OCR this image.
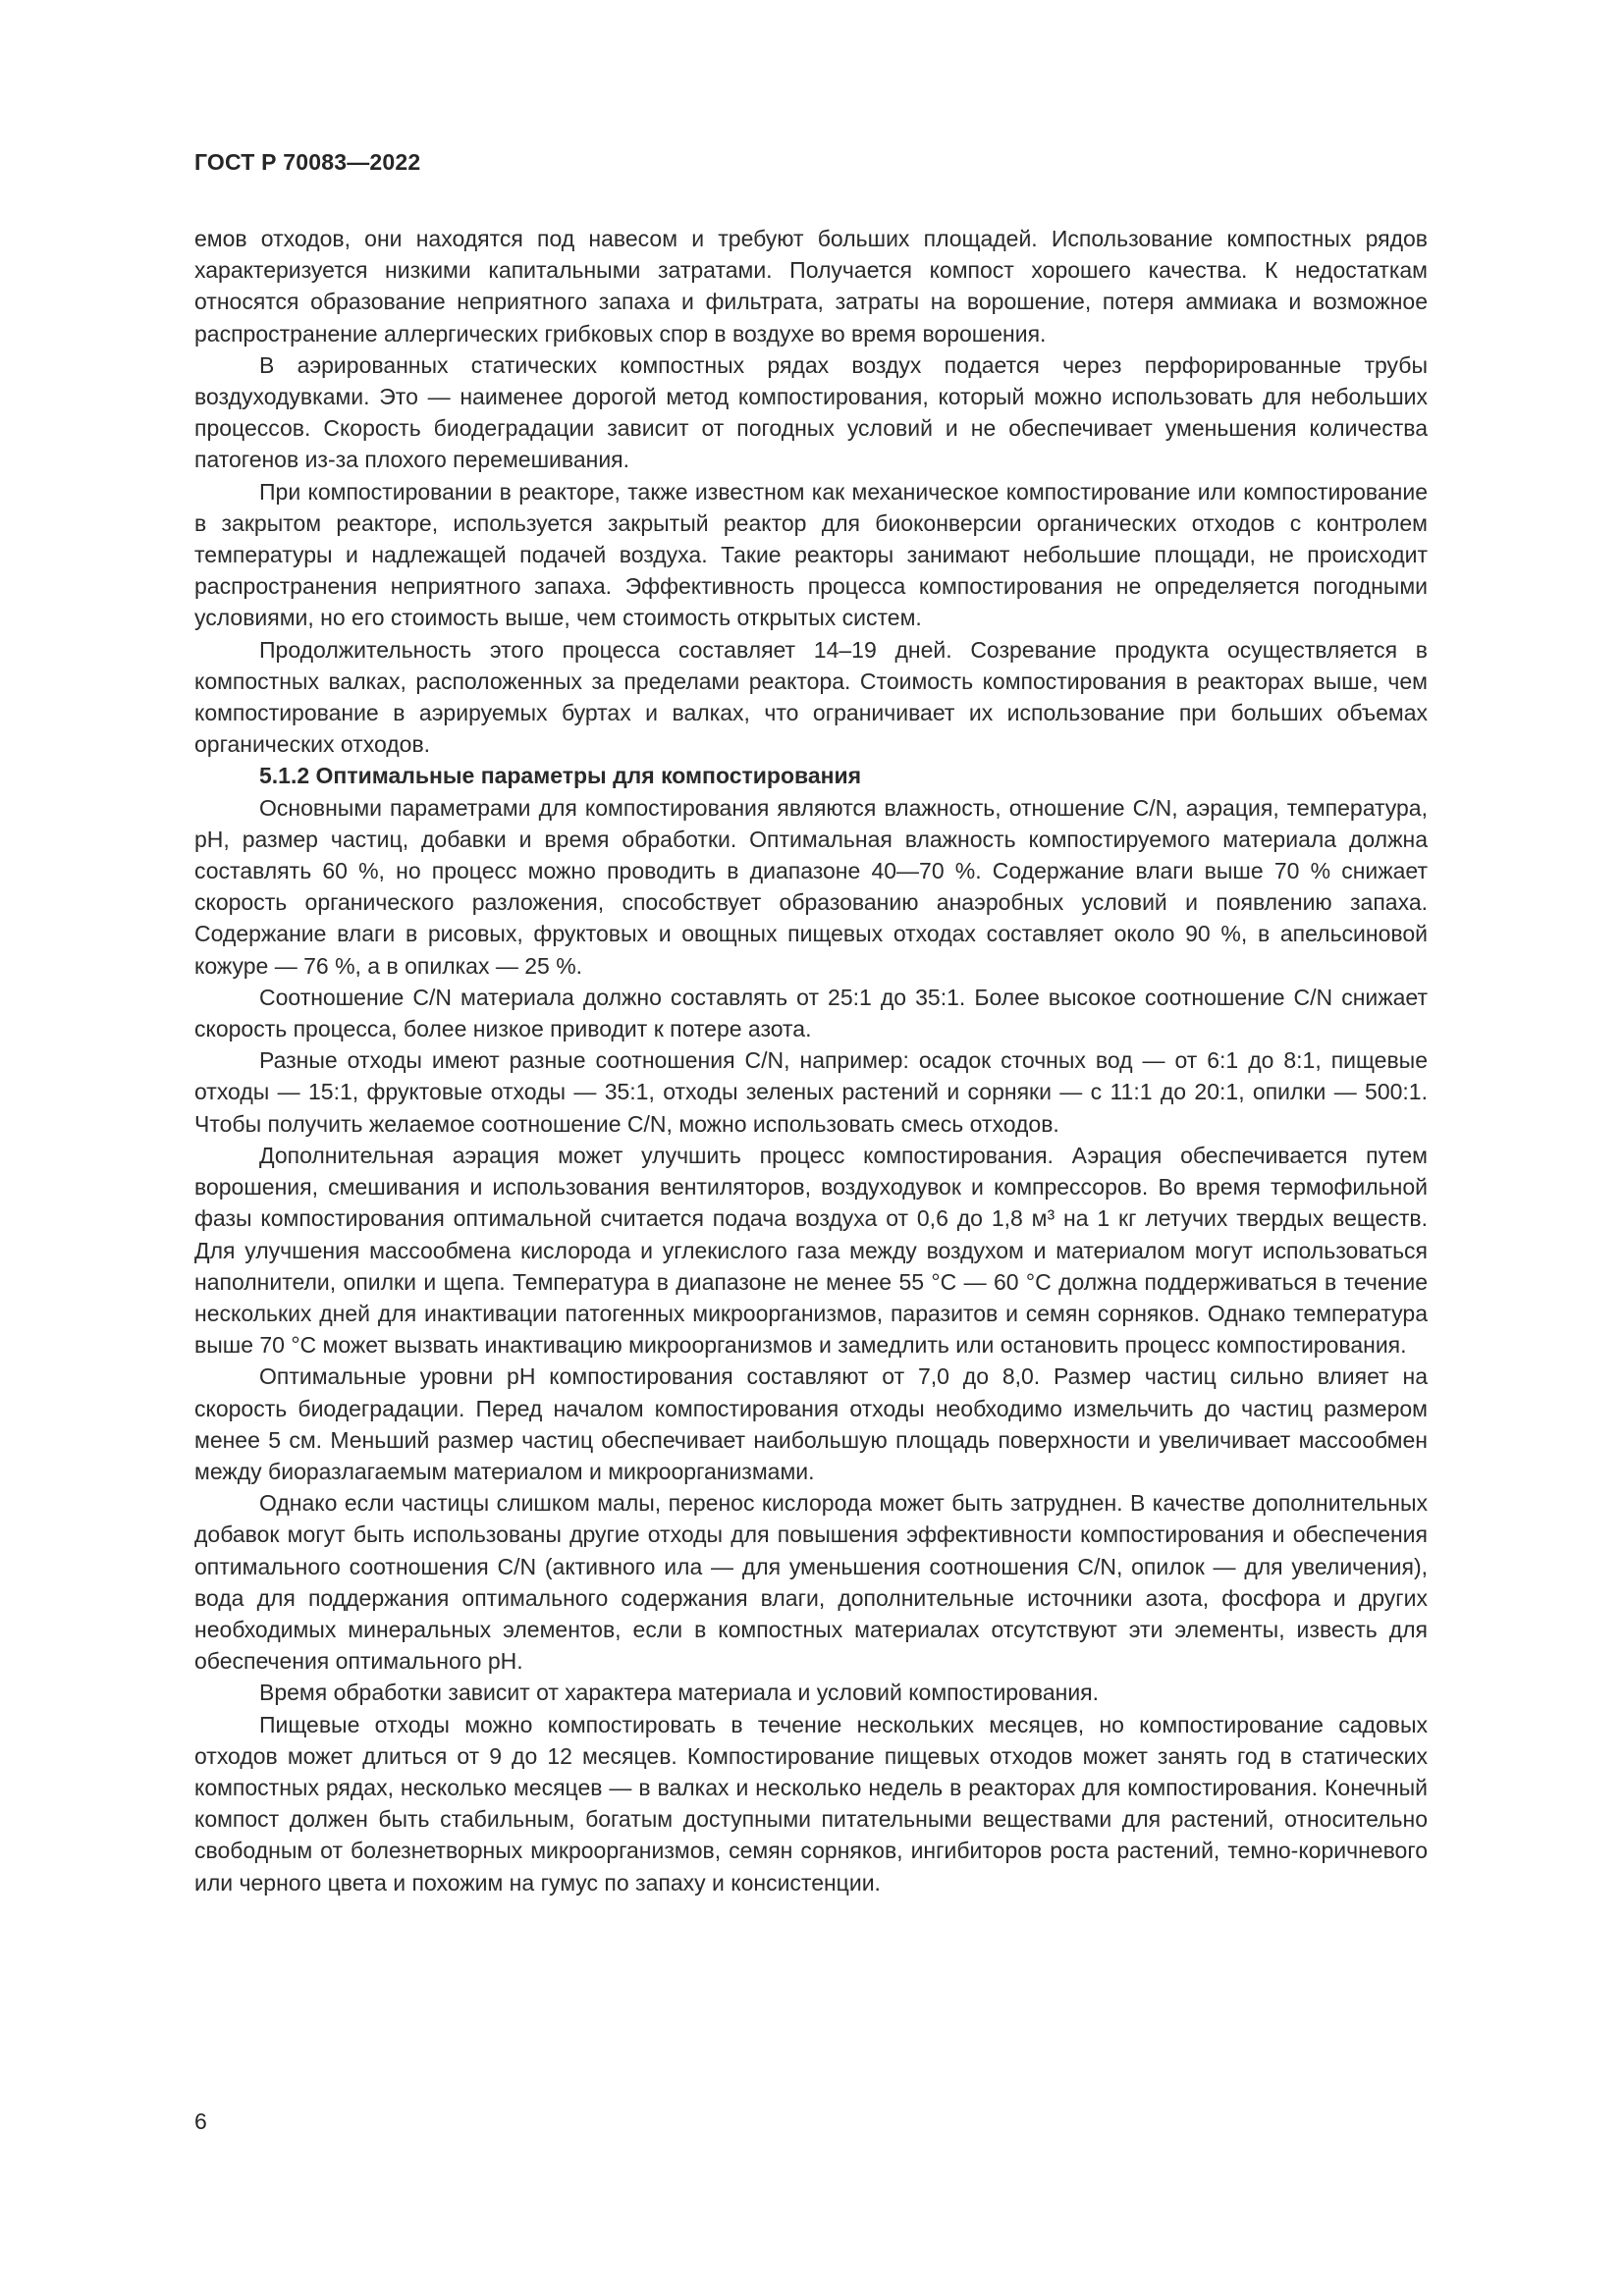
ГОСТ Р 70083—2022

емов отходов, они находятся под навесом и требуют больших площадей. Использование компостных рядов характеризуется низкими капитальными затратами. Получается компост хорошего качества. К недостаткам относятся образование неприятного запаха и фильтрата, затраты на ворошение, потеря аммиака и возможное распространение аллергических грибковых спор в воздухе во время ворошения.

В аэрированных статических компостных рядах воздух подается через перфорированные трубы воздуходувками. Это — наименее дорогой метод компостирования, который можно использовать для небольших процессов. Скорость биодеградации зависит от погодных условий и не обеспечивает уменьшения количества патогенов из-за плохого перемешивания.

При компостировании в реакторе, также известном как механическое компостирование или компостирование в закрытом реакторе, используется закрытый реактор для биоконверсии органических отходов с контролем температуры и надлежащей подачей воздуха. Такие реакторы занимают небольшие площади, не происходит распространения неприятного запаха. Эффективность процесса компостирования не определяется погодными условиями, но его стоимость выше, чем стоимость открытых систем.

Продолжительность этого процесса составляет 14–19 дней. Созревание продукта осуществляется в компостных валках, расположенных за пределами реактора. Стоимость компостирования в реакторах выше, чем компостирование в аэрируемых буртах и валках, что ограничивает их использование при больших объемах органических отходов.

5.1.2 Оптимальные параметры для компостирования

Основными параметрами для компостирования являются влажность, отношение C/N, аэрация, температура, pH, размер частиц, добавки и время обработки. Оптимальная влажность компостируемого материала должна составлять 60 %, но процесс можно проводить в диапазоне 40—70 %. Содержание влаги выше 70 % снижает скорость органического разложения, способствует образованию анаэробных условий и появлению запаха. Содержание влаги в рисовых, фруктовых и овощных пищевых отходах составляет около 90 %, в апельсиновой кожуре — 76 %, а в опилках — 25 %.

Соотношение C/N материала должно составлять от 25:1 до 35:1. Более высокое соотношение C/N снижает скорость процесса, более низкое приводит к потере азота.

Разные отходы имеют разные соотношения C/N, например: осадок сточных вод — от 6:1 до 8:1, пищевые отходы — 15:1, фруктовые отходы — 35:1, отходы зеленых растений и сорняки — с 11:1 до 20:1, опилки — 500:1. Чтобы получить желаемое соотношение C/N, можно использовать смесь отходов.

Дополнительная аэрация может улучшить процесс компостирования. Аэрация обеспечивается путем ворошения, смешивания и использования вентиляторов, воздуходувок и компрессоров. Во время термофильной фазы компостирования оптимальной считается подача воздуха от 0,6 до 1,8 м³ на 1 кг летучих твердых веществ. Для улучшения массообмена кислорода и углекислого газа между воздухом и материалом могут использоваться наполнители, опилки и щепа. Температура в диапазоне не менее 55 °С — 60 °С должна поддерживаться в течение нескольких дней для инактивации патогенных микроорганизмов, паразитов и семян сорняков. Однако температура выше 70 °С может вызвать инактивацию микроорганизмов и замедлить или остановить процесс компостирования.

Оптимальные уровни pH компостирования составляют от 7,0 до 8,0. Размер частиц сильно влияет на скорость биодеградации. Перед началом компостирования отходы необходимо измельчить до частиц размером менее 5 см. Меньший размер частиц обеспечивает наибольшую площадь поверхности и увеличивает массообмен между биоразлагаемым материалом и микроорганизмами.

Однако если частицы слишком малы, перенос кислорода может быть затруднен. В качестве дополнительных добавок могут быть использованы другие отходы для повышения эффективности компостирования и обеспечения оптимального соотношения C/N (активного ила — для уменьшения соотношения C/N, опилок — для увеличения), вода для поддержания оптимального содержания влаги, дополнительные источники азота, фосфора и других необходимых минеральных элементов, если в компостных материалах отсутствуют эти элементы, известь для обеспечения оптимального pH.

Время обработки зависит от характера материала и условий компостирования.

Пищевые отходы можно компостировать в течение нескольких месяцев, но компостирование садовых отходов может длиться от 9 до 12 месяцев. Компостирование пищевых отходов может занять год в статических компостных рядах, несколько месяцев — в валках и несколько недель в реакторах для компостирования. Конечный компост должен быть стабильным, богатым доступными питательными веществами для растений, относительно свободным от болезнетворных микроорганизмов, семян сорняков, ингибиторов роста растений, темно-коричневого или черного цвета и похожим на гумус по запаху и консистенции.

6
